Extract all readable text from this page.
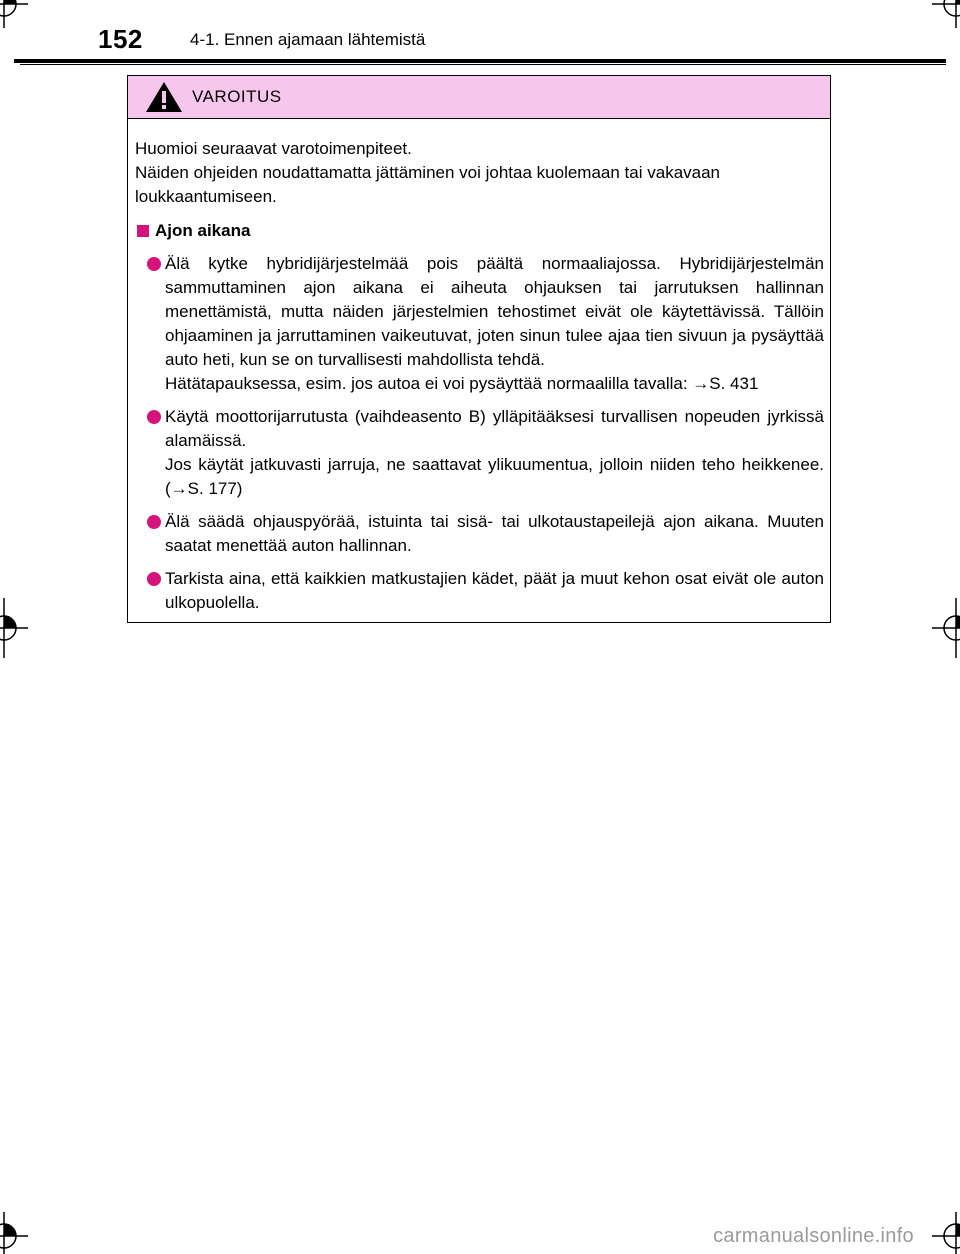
152	4-1. Ennen ajamaan lähtemistä
VAROITUS

Huomioi seuraavat varotoimenpiteet.

Näiden ohjeiden noudattamatta jättäminen voi johtaa kuolemaan tai vakavaan loukkaantumiseen.

Ajon aikana

Älä kytke hybridijärjestelmää pois päältä normaaliajossa. Hybridijärjestelmän sammuttaminen ajon aikana ei aiheuta ohjauksen tai jarrutuksen hallinnan menettämistä, mutta näiden järjestelmien tehostimet eivät ole käytettävissä. Tällöin ohjaaminen ja jarruttaminen vaikeutuvat, joten sinun tulee ajaa tien sivuun ja pysäyttää auto heti, kun se on turvallisesti mahdollista tehdä.

Hätätapauksessa, esim. jos autoa ei voi pysäyttää normaalilla tavalla: →S. 431

Käytä moottorijarrutusta (vaihdeasento B) ylläpitääksesi turvallisen nopeuden jyrkissä alamäissä.

Jos käytät jatkuvasti jarruja, ne saattavat ylikuumentua, jolloin niiden teho heikkenee. (→S. 177)

Älä säädä ohjauspyörää, istuinta tai sisä- tai ulkotaustapeilejä ajon aikana. Muuten saatat menettää auton hallinnan.

Tarkista aina, että kaikkien matkustajien kädet, päät ja muut kehon osat eivät ole auton ulkopuolella.

carmanualsonline.info
